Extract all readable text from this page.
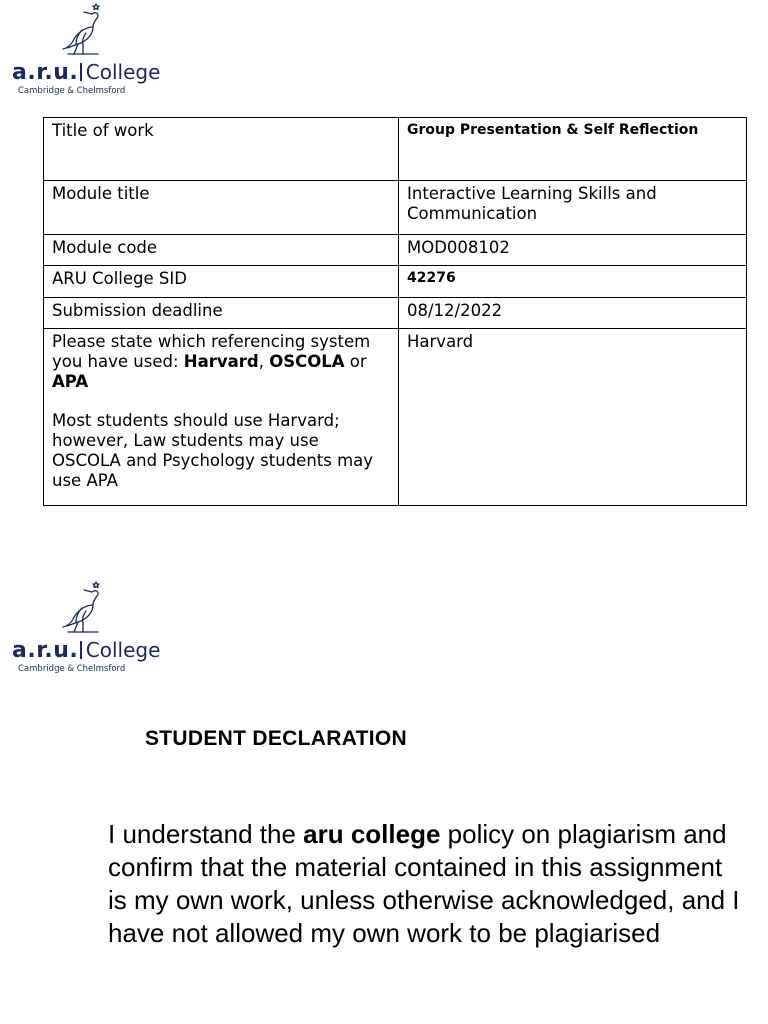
a.r.u. College
Cambridge & Chelmsford
Title of work	Group Presentation & Self Reflection
Module title	Interactive Learning Skills and Communication
Module code	MOD008102
ARU College SID	42276
Submission deadline	08/12/2022
Please state which referencing system you have used: Harvard, OSCOLA or APA
Most students should use Harvard; however, Law students may use OSCOLA and Psychology students may use APA	Harvard
a.r.u. College
Cambridge & Chelmsford
STUDENT DECLARATION

I understand the aru college policy on plagiarism and confirm that the material contained in this assignment is my own work, unless otherwise acknowledged, and I have not allowed my own work to be plagiarised
